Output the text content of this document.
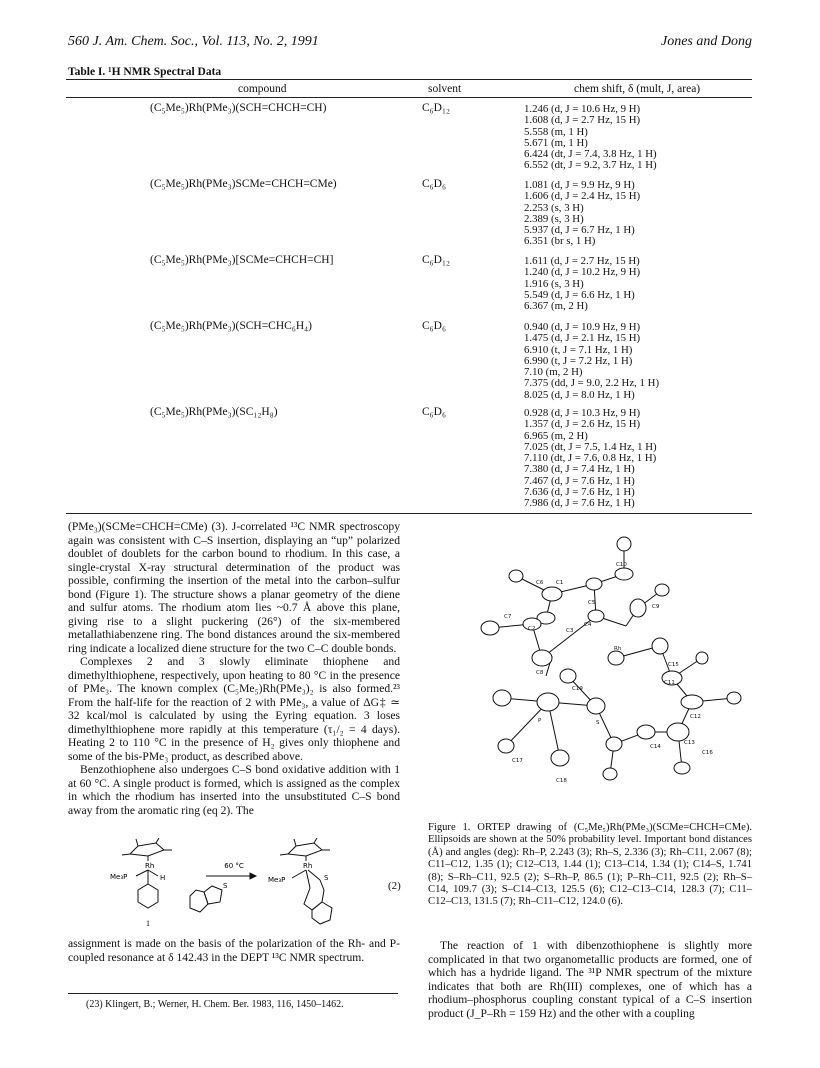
560 J. Am. Chem. Soc., Vol. 113, No. 2, 1991	Jones and Dong
Table I. ¹H NMR Spectral Data
compound	solvent	chem shift, δ (mult, J, area)
(C₅Me₅)Rh(PMe₃)(SCH=CHCH=CH)	C₆D₁₂	1.246 (d, J = 10.6 Hz, 9 H)
1.608 (d, J = 2.7 Hz, 15 H)
5.558 (m, 1 H)
5.671 (m, 1 H)
6.424 (dt, J = 7.4, 3.8 Hz, 1 H)
6.552 (dt, J = 9.2, 3.7 Hz, 1 H)
(C₅Me₅)Rh(PMe₃)SCMe=CHCH=CMe)	C₆D₆	1.081 (d, J = 9.9 Hz, 9 H)
1.606 (d, J = 2.4 Hz, 15 H)
2.253 (s, 3 H)
2.389 (s, 3 H)
5.937 (d, J = 6.7 Hz, 1 H)
6.351 (br s, 1 H)
(C₅Me₅)Rh(PMe₃)[SCMe=CHCH=CH]	C₆D₁₂	1.611 (d, J = 2.7 Hz, 15 H)
1.240 (d, J = 10.2 Hz, 9 H)
1.916 (s, 3 H)
5.549 (d, J = 6.6 Hz, 1 H)
6.367 (m, 2 H)
(C₅Me₅)Rh(PMe₃)(SCH=CHC₆H₄)	C₆D₆	0.940 (d, J = 10.9 Hz, 9 H)
1.475 (d, J = 2.1 Hz, 15 H)
6.910 (t, J = 7.1 Hz, 1 H)
6.990 (t, J = 7.2 Hz, 1 H)
7.10 (m, 2 H)
7.375 (dd, J = 9.0, 2.2 Hz, 1 H)
8.025 (d, J = 8.0 Hz, 1 H)
(C₅Me₅)Rh(PMe₃)(SC₁₂H₈)	C₆D₆	0.928 (d, J = 10.3 Hz, 9 H)
1.357 (d, J = 2.6 Hz, 15 H)
6.965 (m, 2 H)
7.025 (dt, J = 7.5, 1.4 Hz, 1 H)
7.110 (dt, J = 7.6, 0.8 Hz, 1 H)
7.380 (d, J = 7.4 Hz, 1 H)
7.467 (d, J = 7.6 Hz, 1 H)
7.636 (d, J = 7.6 Hz, 1 H)
7.986 (d, J = 7.6 Hz, 1 H)

(PMe₃)(SCMe=CHCH=CMe) (3). J-correlated ¹³C NMR spectroscopy again was consistent with C–S insertion, displaying an “up” polarized doublet of doublets for the carbon bound to rhodium. In this case, a single-crystal X-ray structural determination of the product was possible, confirming the insertion of the metal into the carbon–sulfur bond (Figure 1). The structure shows a planar geometry of the diene and sulfur atoms. The rhodium atom lies ~0.7 Å above this plane, giving rise to a slight puckering (26°) of the six-membered metallathiabenzene ring. The bond distances around the six-membered ring indicate a localized diene structure for the two C–C double bonds.

Complexes 2 and 3 slowly eliminate thiophene and dimethylthiophene, respectively, upon heating to 80 °C in the presence of PMe₃. The known complex (C₅Me₅)Rh(PMe₃)₂ is also formed.²³ From the half-life for the reaction of 2 with PMe₃, a value of ΔG‡ ≃ 32 kcal/mol is calculated by using the Eyring equation. 3 loses dimethylthiophene more rapidly at this temperature (τ₁/₂ = 4 days). Heating 2 to 110 °C in the presence of H₂ gives only thiophene and some of the bis-PMe₃ product, as described above.

Benzothiophene also undergoes C–S bond oxidative addition with 1 at 60 °C. A single product is formed, which is assigned as the complex in which the rhodium has inserted into the unsubstituted C–S bond away from the aromatic ring (eq 2). The

60 °C
Rh
Me₃P	H
S
Rh
Me₃P	S
1
(2)

assignment is made on the basis of the polarization of the Rh- and P-coupled resonance at δ 142.43 in the DEPT ¹³C NMR spectrum.

(23) Klingert, B.; Werner, H. Chem. Ber. 1983, 116, 1450–1462.
C10
C6 C1
C5
C9
C7
C2
C4
C3
C8
Rh
C15
C11
C19
C12
C13
P	S
C14
C16
C17
C18
Figure 1. ORTEP drawing of (C₅Me₅)Rh(PMe₃)(SCMe=CHCH=CMe). Ellipsoids are shown at the 50% probability level. Important bond distances (Å) and angles (deg): Rh–P, 2.243 (3); Rh–S, 2.336 (3); Rh–C11, 2.067 (8); C11–C12, 1.35 (1); C12–C13, 1.44 (1); C13–C14, 1.34 (1); C14–S, 1.741 (8); S–Rh–C11, 92.5 (2); S–Rh–P, 86.5 (1); P–Rh–C11, 92.5 (2); Rh–S–C14, 109.7 (3); S–C14–C13, 125.5 (6); C12–C13–C14, 128.3 (7); C11–C12–C13, 131.5 (7); Rh–C11–C12, 124.0 (6).

The reaction of 1 with dibenzothiophene is slightly more complicated in that two organometallic products are formed, one of which has a hydride ligand. The ³¹P NMR spectrum of the mixture indicates that both are Rh(III) complexes, one of which has a rhodium–phosphorus coupling constant typical of a C–S insertion product (J_P–Rh = 159 Hz) and the other with a coupling
